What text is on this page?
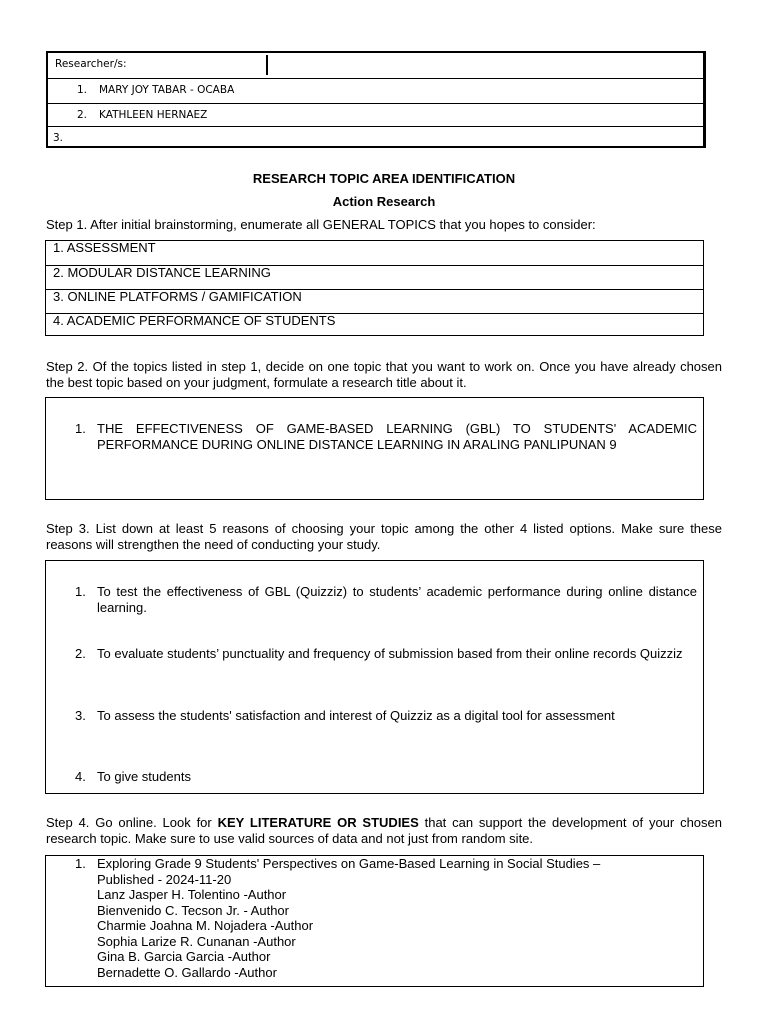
Researcher/s:
1. MARY JOY TABAR - OCABA
2. KATHLEEN HERNAEZ
3.
RESEARCH TOPIC AREA IDENTIFICATION
Action Research
Step 1. After initial brainstorming, enumerate all GENERAL TOPICS that you hopes to consider:
1. ASSESSMENT
2. MODULAR DISTANCE LEARNING
3. ONLINE PLATFORMS / GAMIFICATION
4. ACADEMIC PERFORMANCE OF STUDENTS
Step 2. Of the topics listed in step 1, decide on one topic that you want to work on. Once you have already chosen the best topic based on your judgment, formulate a research title about it.
1. THE EFFECTIVENESS OF GAME-BASED LEARNING (GBL) TO STUDENTS' ACADEMIC PERFORMANCE DURING ONLINE DISTANCE LEARNING IN ARALING PANLIPUNAN 9
Step 3. List down at least 5 reasons of choosing your topic among the other 4 listed options. Make sure these reasons will strengthen the need of conducting your study.
1. To test the effectiveness of GBL (Quizziz) to students’ academic performance during online distance learning.
2. To evaluate students’ punctuality and frequency of submission based from their online records Quizziz
3. To assess the students' satisfaction and interest of Quizziz as a digital tool for assessment
4. To give students
Step 4. Go online. Look for KEY LITERATURE OR STUDIES that can support the development of your chosen research topic. Make sure to use valid sources of data and not just from random site.
1. Exploring Grade 9 Students' Perspectives on Game-Based Learning in Social Studies –
Published - 2024-11-20
Lanz Jasper H. Tolentino -Author
Bienvenido C. Tecson Jr. - Author
Charmie Joahna M. Nojadera -Author
Sophia Larize R. Cunanan -Author
Gina B. Garcia Garcia -Author
Bernadette O. Gallardo -Author
